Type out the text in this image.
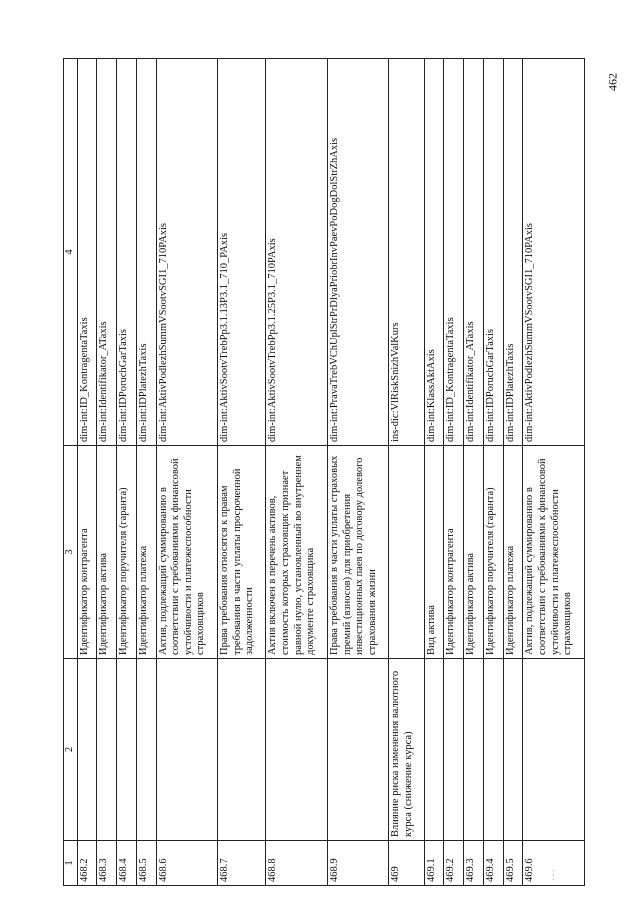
462
1	2	3	4
468.2		Идентификатор контрагента	dim-int:ID_KontragentaTaxis
468.3		Идентификатор актива	dim-int:Identifikator_ATaxis
468.4		Идентификатор поручителя (гаранта)	dim-int:IDPoruchGarTaxis
468.5		Идентификатор платежа	dim-int:IDPlatezhTaxis
468.6		Актив, подлежащий суммированию в соответствии с требованиями к финансовой устойчивости и платежеспособности страховщиков	dim-int:AktivPodlezhSummVSootvSGI1_710PAxis
468.7		Права требования относятся к правам требования в части уплаты просроченной задолженности	dim-int:AktivSootvTrebPp3.1.13P3.1_710_PAxis
468.8		Актив включен в перечень активов, стоимость которых страховщик признает равной нулю, установленный во внутреннем документе страховщика	dim-int:AktivSootvTrebPp3.1.25P3.1_710PAxis
468.9		Права требования в части уплаты страховых премий (взносов) для приобретения инвестиционных паев по договору долевого страхования жизни	dim-int:PravaTrebVChUplStrPrDlyaPriobrInvPaevPoDogDolStrZhAxis
469	Влияние риска изменения валютного курса (снижение курса)		ins-dic:VlRiskSnizhValKurs
469.1		Вид актива	dim-int:KlassAktAxis
469.2		Идентификатор контрагента	dim-int:ID_KontragentaTaxis
469.3		Идентификатор актива	dim-int:Identifikator_ATaxis
469.4		Идентификатор поручителя (гаранта)	dim-int:IDPoruchGarTaxis
469.5		Идентификатор платежа	dim-int:IDPlatezhTaxis
469.6		Актив, подлежащий суммированию в соответствии с требованиями к финансовой устойчивости и платежеспособности страховщиков	dim-int:AktivPodlezhSummVSootvSGI1_710PAxis
· · ·
